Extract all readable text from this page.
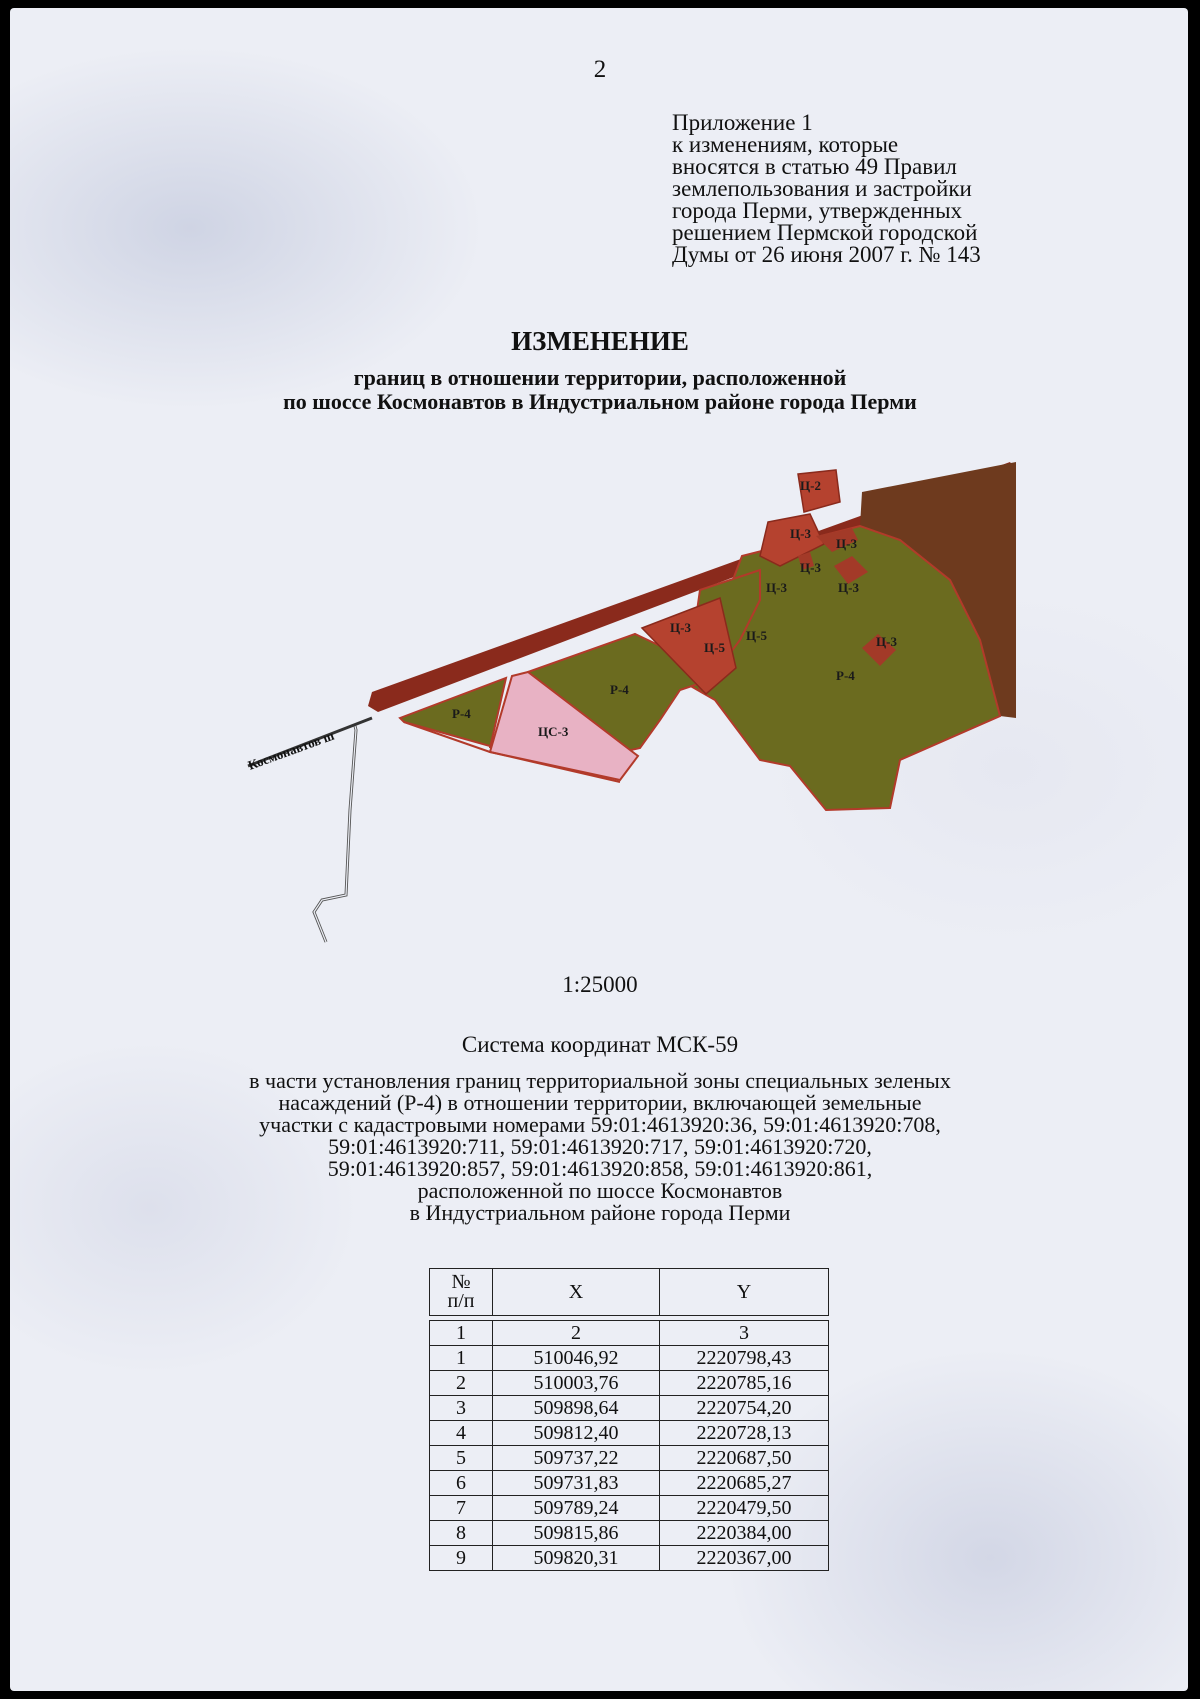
2
Приложение 1
к изменениям, которые
вносятся в статью 49 Правил
землепользования и застройки
города Перми, утвержденных
решением Пермской городской
Думы от 26 июня 2007 г. № 143
ИЗМЕНЕНИЕ
границ в отношении территории, расположенной
по шоссе Космонавтов в Индустриальном районе города Перми
Ц-2
Ц-3
Ц-3
Ц-3
Ц-3	Ц-3
Ц-3
Ц-5
Ц-5	Ц-3
Р-4
Р-4
Р-4
ЦС-3
Космонавтов ш
1:25000
Система координат МСК-59
в части установления границ территориальной зоны специальных зеленых
насаждений (Р-4) в отношении территории, включающей земельные
участки с кадастровыми номерами 59:01:4613920:36, 59:01:4613920:708,
59:01:4613920:711, 59:01:4613920:717, 59:01:4613920:720,
59:01:4613920:857, 59:01:4613920:858, 59:01:4613920:861,
расположенной по шоссе Космонавтов
в Индустриальном районе города Перми
№
п/п	X	Y

1	2	3
1	510046,92	2220798,43
2	510003,76	2220785,16
3	509898,64	2220754,20
4	509812,40	2220728,13
5	509737,22	2220687,50
6	509731,83	2220685,27
7	509789,24	2220479,50
8	509815,86	2220384,00
9	509820,31	2220367,00
